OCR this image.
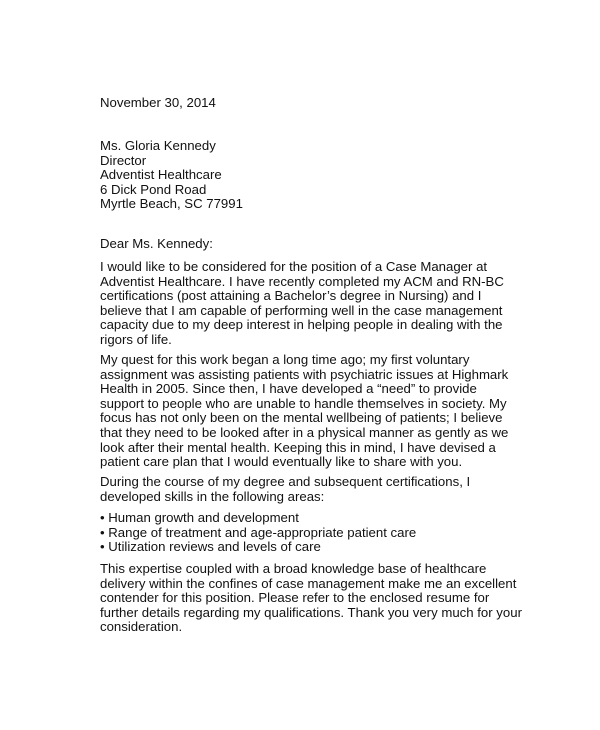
November 30, 2014
Ms. Gloria Kennedy
Director
Adventist Healthcare
6 Dick Pond Road
Myrtle Beach, SC 77991
Dear Ms. Kennedy:
I would like to be considered for the position of a Case Manager at
Adventist Healthcare. I have recently completed my ACM and RN-BC
certifications (post attaining a Bachelor’s degree in Nursing) and I
believe that I am capable of performing well in the case management
capacity due to my deep interest in helping people in dealing with the
rigors of life.
My quest for this work began a long time ago; my first voluntary
assignment was assisting patients with psychiatric issues at Highmark
Health in 2005. Since then, I have developed a “need” to provide
support to people who are unable to handle themselves in society. My
focus has not only been on the mental wellbeing of patients; I believe
that they need to be looked after in a physical manner as gently as we
look after their mental health. Keeping this in mind, I have devised a
patient care plan that I would eventually like to share with you.
During the course of my degree and subsequent certifications, I
developed skills in the following areas:
• Human growth and development
• Range of treatment and age-appropriate patient care
• Utilization reviews and levels of care
This expertise coupled with a broad knowledge base of healthcare
delivery within the confines of case management make me an excellent
contender for this position. Please refer to the enclosed resume for
further details regarding my qualifications. Thank you very much for your
consideration.
